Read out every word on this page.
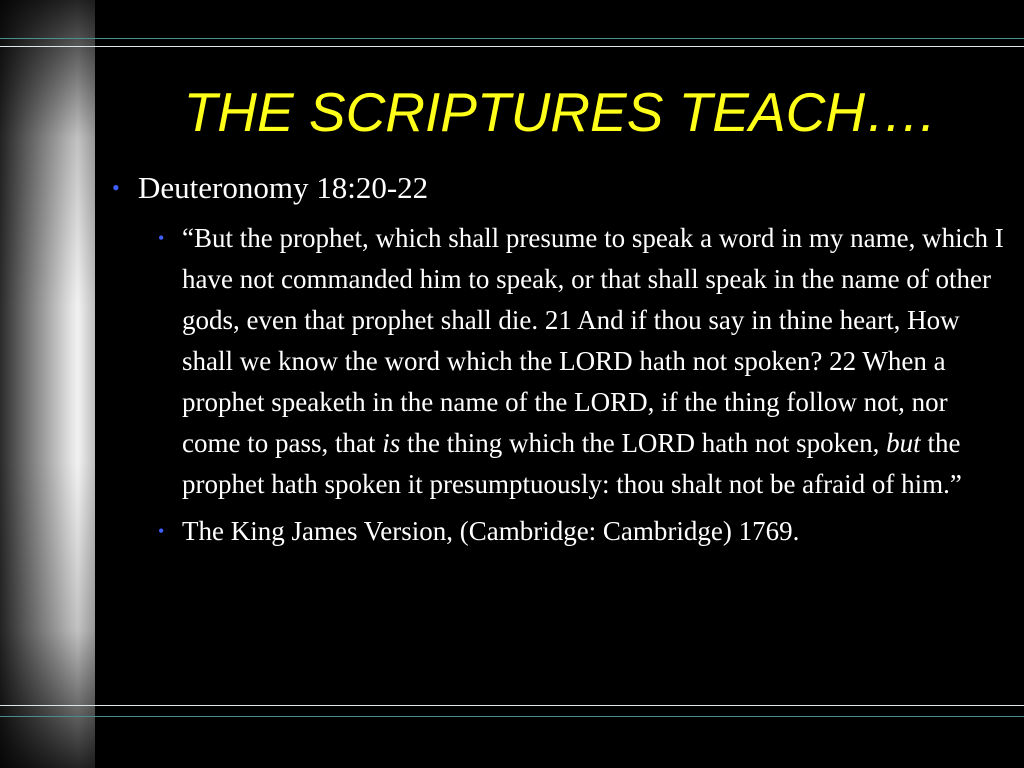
THE SCRIPTURES TEACH….
• Deuteronomy 18:20-22
• “But the prophet, which shall presume to speak a word in my name, which I have not commanded him to speak, or that shall speak in the name of other gods, even that prophet shall die. 21 And if thou say in thine heart, How shall we know the word which the LORD hath not spoken? 22 When a prophet speaketh in the name of the LORD, if the thing follow not, nor come to pass, that is the thing which the LORD hath not spoken, but the prophet hath spoken it presumptuously: thou shalt not be afraid of him.”
• The King James Version, (Cambridge: Cambridge) 1769.
